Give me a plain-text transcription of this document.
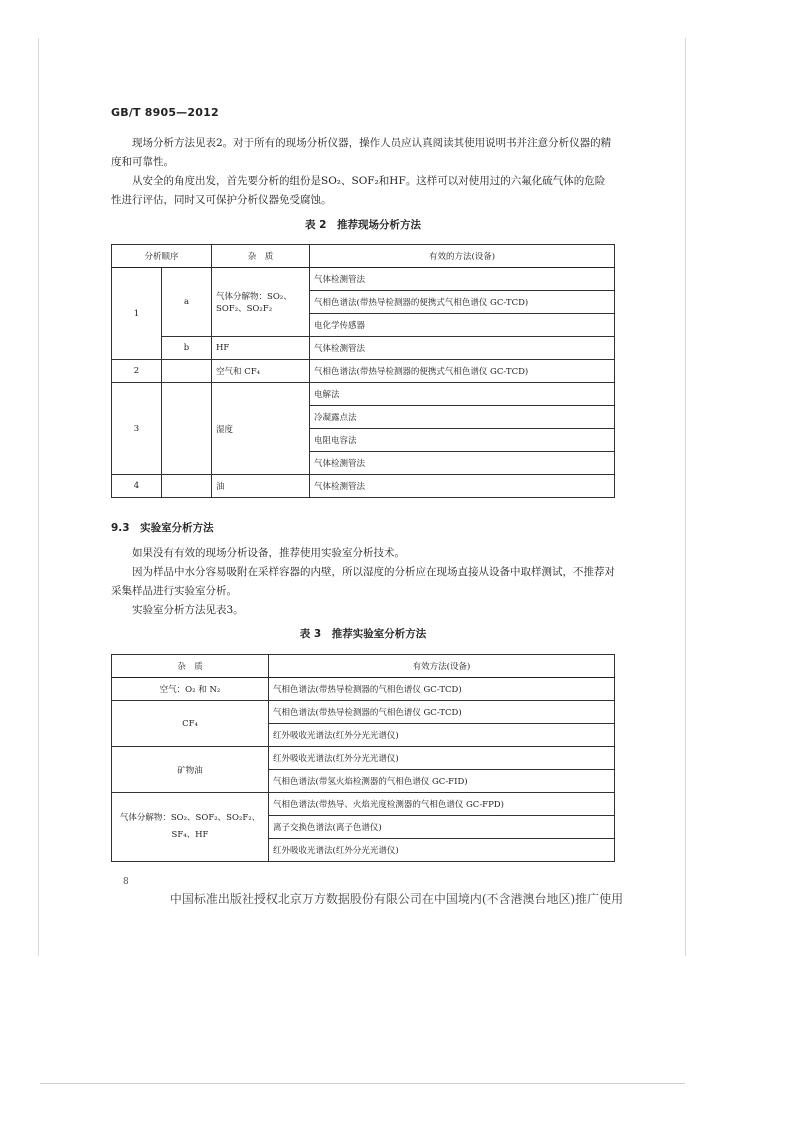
GB/T 8905—2012

现场分析方法见表2。对于所有的现场分析仪器，操作人员应认真阅读其使用说明书并注意分析仪器的精度和可靠性。

从安全的角度出发，首先要分析的组份是SO₂、SOF₂和HF。这样可以对使用过的六氟化硫气体的危险性进行评估，同时又可保护分析仪器免受腐蚀。

表 2　推荐现场分析方法
分析顺序		杂　质	有效的方法(设备)
1	a	气体分解物：SO₂、SOF₂、SO₂F₂	气体检测管法
			气相色谱法(带热导检测器的便携式气相色谱仪 GC-TCD)
			电化学传感器
	b	HF	气体检测管法
2		空气和 CF₄	气相色谱法(带热导检测器的便携式气相色谱仪 GC-TCD)
3		湿度	电解法
			冷凝露点法
			电阻电容法
			气体检测管法
4		油	气体检测管法
9.3　实验室分析方法

如果没有有效的现场分析设备，推荐使用实验室分析技术。

因为样品中水分容易吸附在采样容器的内壁，所以湿度的分析应在现场直接从设备中取样测试，不推荐对采集样品进行实验室分析。

实验室分析方法见表3。

表 3　推荐实验室分析方法
杂　质	有效方法(设备)
空气：O₂ 和 N₂	气相色谱法(带热导检测器的气相色谱仪 GC-TCD)
CF₄	气相色谱法(带热导检测器的气相色谱仪 GC-TCD)
	红外吸收光谱法(红外分光光谱仪)
矿物油	红外吸收光谱法(红外分光光谱仪)
	气相色谱法(带氢火焰检测器的气相色谱仪 GC-FID)
气体分解物：SO₂、SOF₂、SO₂F₂、SF₄、HF	气相色谱法(带热导、火焰光度检测器的气相色谱仪 GC-FPD)
	离子交换色谱法(离子色谱仪)
	红外吸收光谱法(红外分光光谱仪)
8
中国标准出版社授权北京万方数据股份有限公司在中国境内(不含港澳台地区)推广使用
